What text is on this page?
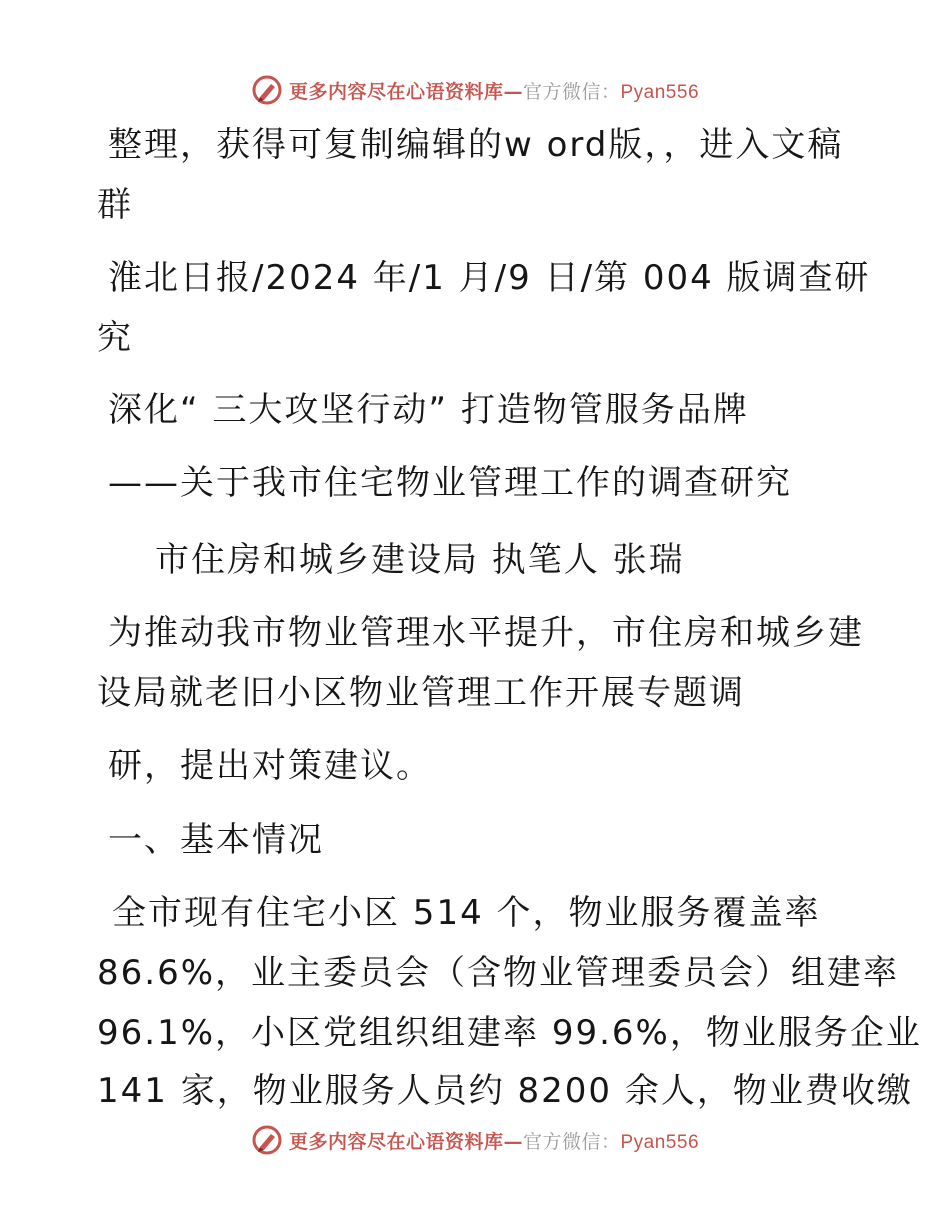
更多内容尽在心语资料库—官方微信：Pyan556
整理，获得可复制编辑的w ord版，，进入文稿
群
淮北日报/2024 年/1 月/9 日/第 004 版调查研
究
深化“ 三大攻坚行动” 打造物管服务品牌
——关于我市住宅物业管理工作的调查研究
市住房和城乡建设局 执笔人 张瑞
为推动我市物业管理水平提升，市住房和城乡建
设局就老旧小区物业管理工作开展专题调
研，提出对策建议。
一、基本情况
全市现有住宅小区 514 个，物业服务覆盖率
86.6%，业主委员会（含物业管理委员会）组建率
96.1%，小区党组织组建率 99.6%，物业服务企业
141 家，物业服务人员约 8200 余人，物业费收缴
更多内容尽在心语资料库—官方微信：Pyan556
